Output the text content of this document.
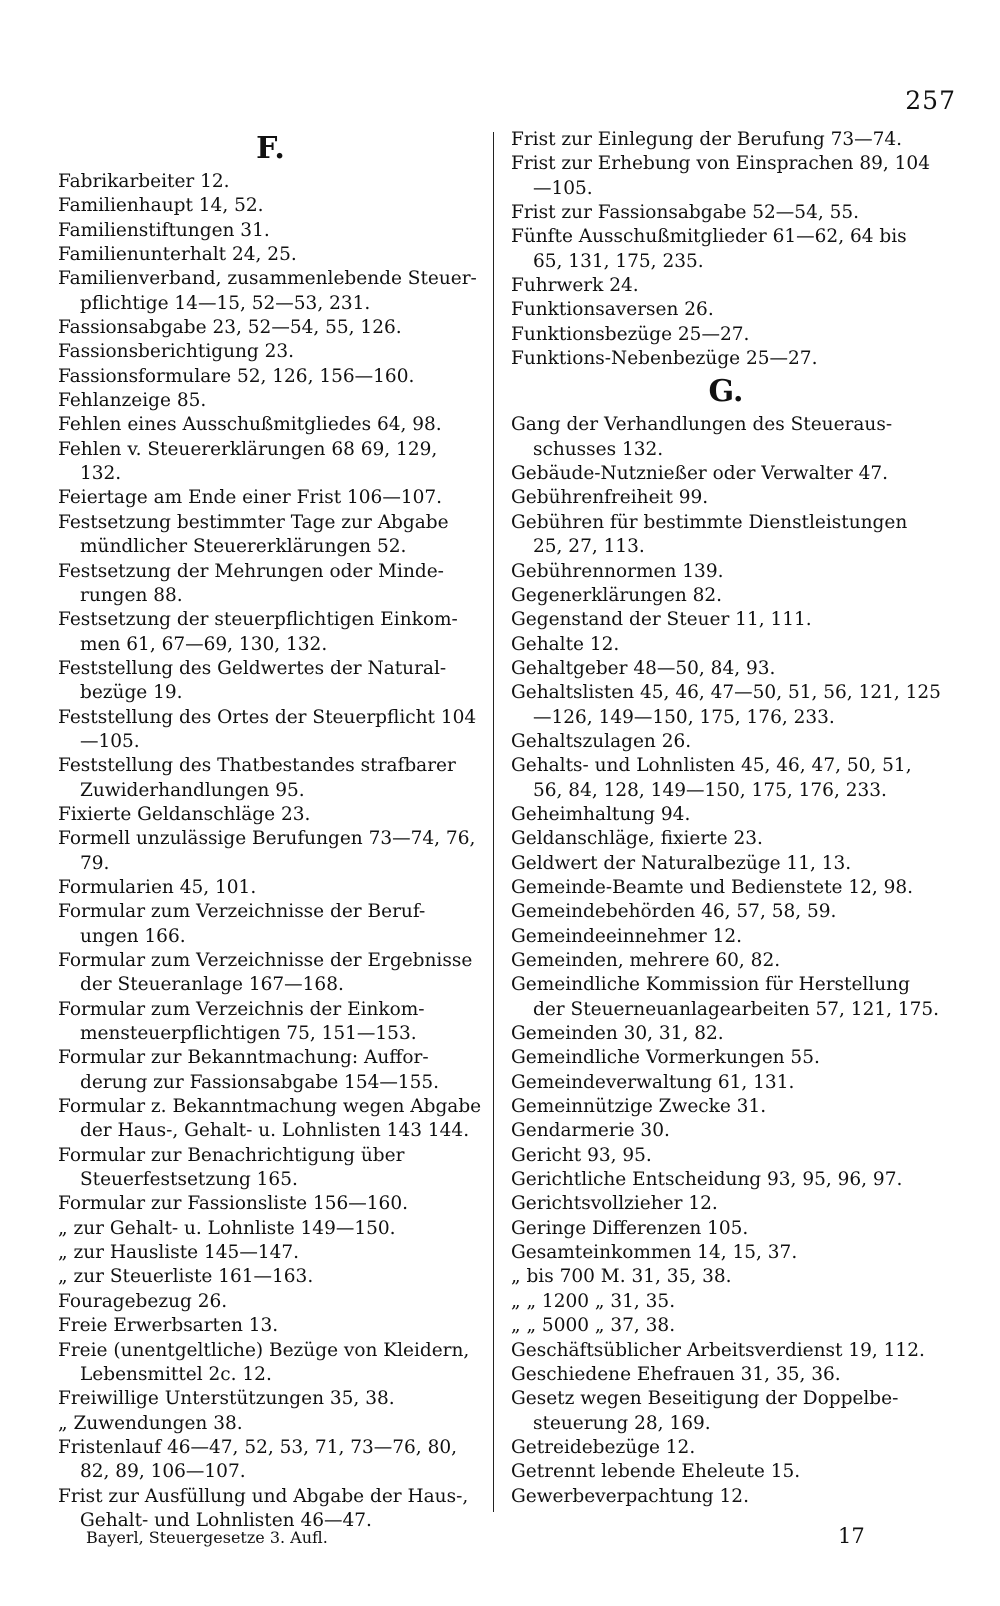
257
F.
Fabrikarbeiter 12.
Familienhaupt 14, 52.
Familienstiftungen 31.
Familienunterhalt 24, 25.
Familienverband, zusammenlebende Steuer- pflichtige 14—15, 52—53, 231.
Fassionsabgabe 23, 52—54, 55, 126.
Fassionsberichtigung 23.
Fassionsformulare 52, 126, 156—160.
Fehlanzeige 85.
Fehlen eines Ausschußmitgliedes 64, 98.
Fehlen v. Steuererklärungen 68 69, 129, 132.
Feiertage am Ende einer Frist 106—107.
Festsetzung bestimmter Tage zur Abgabe mündlicher Steuererklärungen 52.
Festsetzung der Mehrungen oder Minde- rungen 88.
Festsetzung der steuerpflichtigen Einkom- men 61, 67—69, 130, 132.
Feststellung des Geldwertes der Natural- bezüge 19.
Feststellung des Ortes der Steuerpflicht 104—105.
Feststellung des Thatbestandes strafbarer Zuwiderhandlungen 95.
Fixierte Geldanschläge 23.
Formell unzulässige Berufungen 73—74, 76, 79.
Formularien 45, 101.
Formular zum Verzeichnisse der Beruf- ungen 166.
Formular zum Verzeichnisse der Ergebnisse der Steueranlage 167—168.
Formular zum Verzeichnis der Einkom- mensteuerpflichtigen 75, 151—153.
Formular zur Bekanntmachung: Auffor- derung zur Fassionsabgabe 154—155.
Formular z. Bekanntmachung wegen Abgabe der Haus-, Gehalt- u. Lohnlisten 143 144.
Formular zur Benachrichtigung über Steuerfestsetzung 165.
Formular zur Fassionsliste 156—160.
„ zur Gehalt- u. Lohnliste 149—150.
„ zur Hausliste 145—147.
„ zur Steuerliste 161—163.
Fouragebezug 26.
Freie Erwerbsarten 13.
Freie (unentgeltliche) Bezüge von Kleidern, Lebensmittel 2c. 12.
Freiwillige Unterstützungen 35, 38.
„ Zuwendungen 38.
Fristenlauf 46—47, 52, 53, 71, 73—76, 80, 82, 89, 106—107.
Frist zur Ausfüllung und Abgabe der Haus-, Gehalt- und Lohnlisten 46—47.
Frist zur Einlegung der Berufung 73—74.
Frist zur Erhebung von Einsprachen 89, 104—105.
Frist zur Fassionsabgabe 52—54, 55.
Fünfte Ausschußmitglieder 61—62, 64 bis 65, 131, 175, 235.
Fuhrwerk 24.
Funktionsaversen 26.
Funktionsbezüge 25—27.
Funktions-Nebenbezüge 25—27.
G.
Gang der Verhandlungen des Steueraus- schusses 132.
Gebäude-Nutznießer oder Verwalter 47.
Gebührenfreiheit 99.
Gebühren für bestimmte Dienstleistungen 25, 27, 113.
Gebührennormen 139.
Gegenerklärungen 82.
Gegenstand der Steuer 11, 111.
Gehalte 12.
Gehaltgeber 48—50, 84, 93.
Gehaltslisten 45, 46, 47—50, 51, 56, 121, 125—126, 149—150, 175, 176, 233.
Gehaltszulagen 26.
Gehalts- und Lohnlisten 45, 46, 47, 50, 51, 56, 84, 128, 149—150, 175, 176, 233.
Geheimhaltung 94.
Geldanschläge, fixierte 23.
Geldwert der Naturalbezüge 11, 13.
Gemeinde-Beamte und Bedienstete 12, 98.
Gemeindebehörden 46, 57, 58, 59.
Gemeindeeinnehmer 12.
Gemeinden, mehrere 60, 82.
Gemeindliche Kommission für Herstellung der Steuerneuanlagearbeiten 57, 121, 175.
Gemeinden 30, 31, 82.
Gemeindliche Vormerkungen 55.
Gemeindeverwaltung 61, 131.
Gemeinnützige Zwecke 31.
Gendarmerie 30.
Gericht 93, 95.
Gerichtliche Entscheidung 93, 95, 96, 97.
Gerichtsvollzieher 12.
Geringe Differenzen 105.
Gesamteinkommen 14, 15, 37.
„ bis 700 M. 31, 35, 38.
„ „ 1200 „ 31, 35.
„ „ 5000 „ 37, 38.
Geschäftsüblicher Arbeitsverdienst 19, 112.
Geschiedene Ehefrauen 31, 35, 36.
Gesetz wegen Beseitigung der Doppelbe- steuerung 28, 169.
Getreidebezüge 12.
Getrennt lebende Eheleute 15.
Gewerbeverpachtung 12.
Bayerl, Steuergesetze 3. Aufl.	17
